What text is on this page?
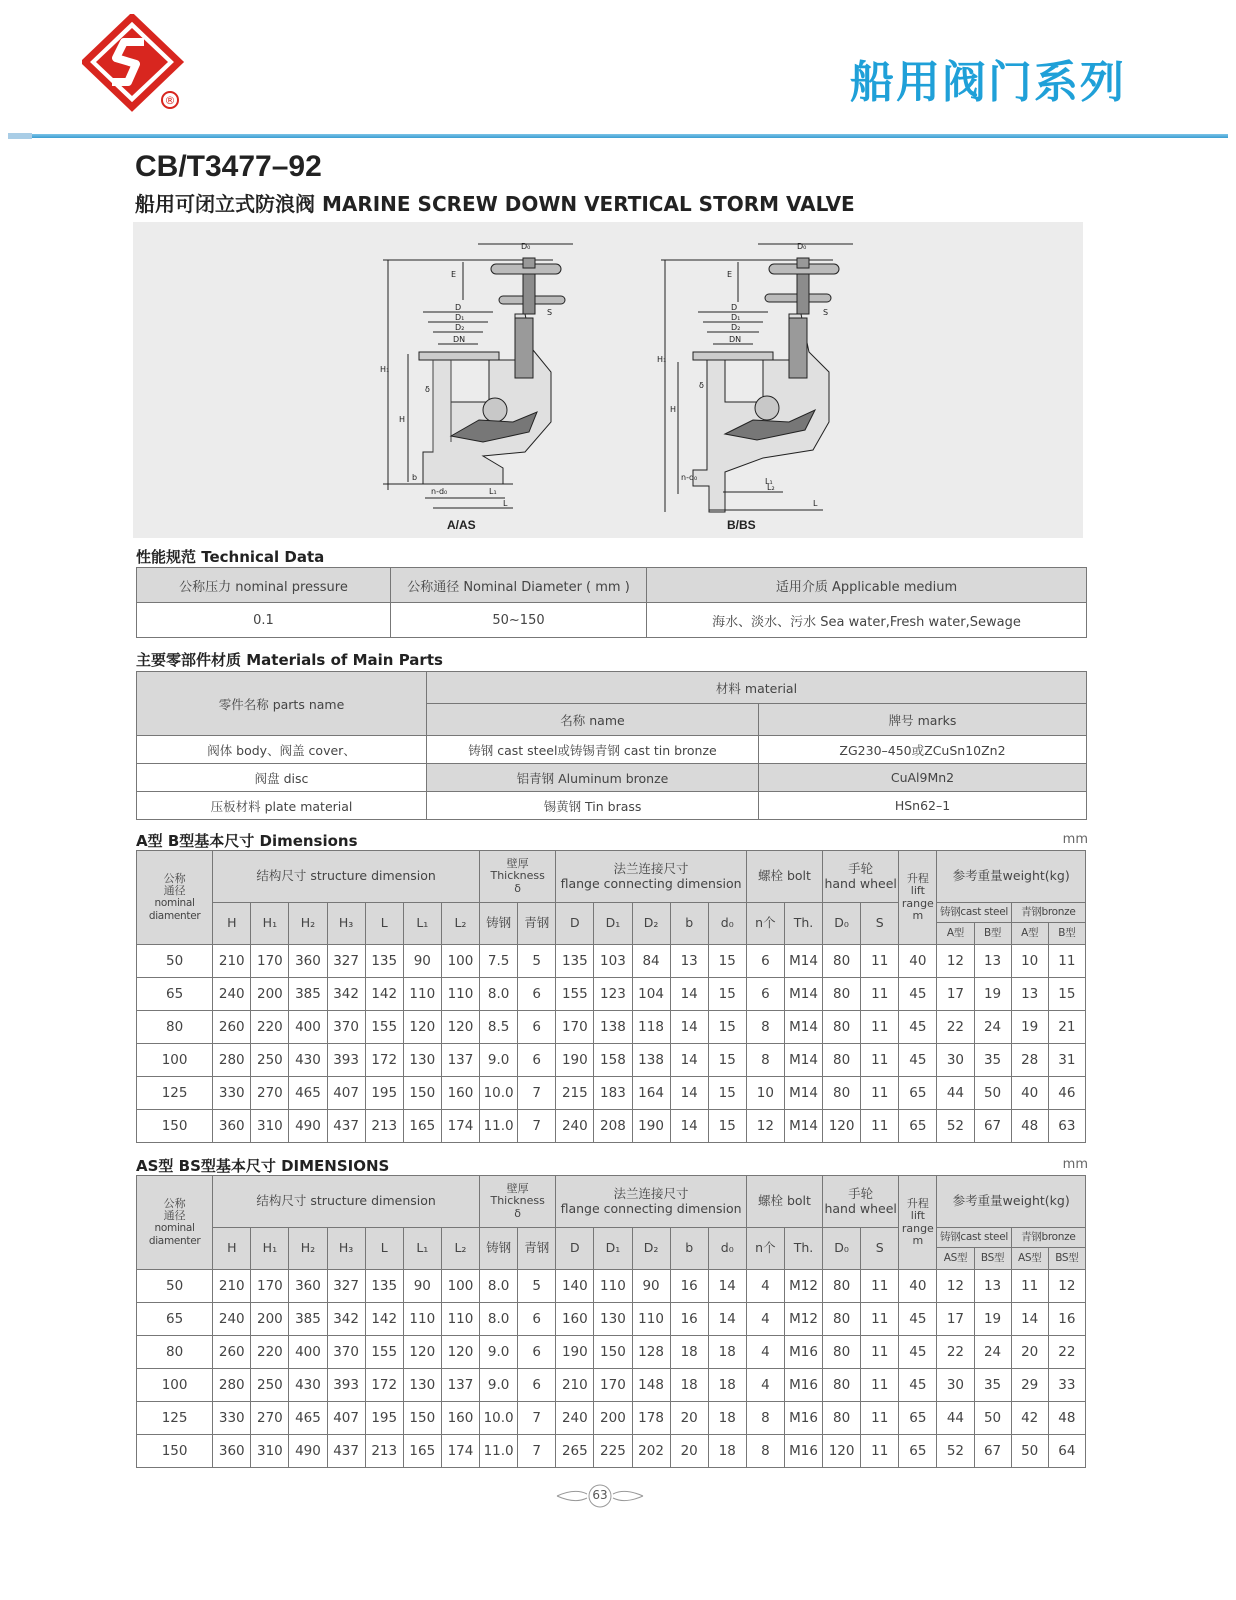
®	船用阀门系列
CB/T3477–92
船用可闭立式防浪阀 MARINE SCREW DOWN VERTICAL STORM VALVE
D₀
E
S
D
D₁
D₂
DN
H₁
H
δ
b
n-d₀	L₁
L
D₀
E
S
D
D₁
D₂
DN
H₁
H
δ
n-d₀	L₁
L₂
L
A/AS	B/BS
性能规范 Technical Data
公称压力 nominal pressure	公称通径 Nominal Diameter ( mm )	适用介质 Applicable medium
0.1	50~150	海水、淡水、污水 Sea water,Fresh water,Sewage
主要零部件材质 Materials of Main Parts
零件名称 parts name	材料 material	
	名称 name	牌号 marks
阀体 body、阀盖 cover、	铸钢 cast steel或铸锡青钢 cast tin bronze	ZG230–450或ZCuSn10Zn2
阀盘 disc	铝青钢 Aluminum bronze	CuAl9Mn2
压板材料 plate material	锡黄钢 Tin brass	HSn62–1
A型 B型基本尺寸 Dimensions	mm
公称
通径
nominal
diamenter	结构尺寸 structure dimension							壁厚
Thickness
δ		法兰连接尺寸
flange connecting dimension					螺栓 bolt		手轮
hand wheel		升程
lift
range
m	参考重量weight(kg)			
	H	H₁	H₂	H₃	L	L₁	L₂	铸钢	青钢	D	D₁	D₂	b	d₀	n个	Th.	D₀	S		铸钢cast steel		青钢bronze	
																				A型	B型	A型	B型
50	210	170	360	327	135	90	100	7.5	5	135	103	84	13	15	6	M14	80	11	40	12	13	10	11
65	240	200	385	342	142	110	110	8.0	6	155	123	104	14	15	6	M14	80	11	45	17	19	13	15
80	260	220	400	370	155	120	120	8.5	6	170	138	118	14	15	8	M14	80	11	45	22	24	19	21
100	280	250	430	393	172	130	137	9.0	6	190	158	138	14	15	8	M14	80	11	45	30	35	28	31
125	330	270	465	407	195	150	160	10.0	7	215	183	164	14	15	10	M14	80	11	65	44	50	40	46
150	360	310	490	437	213	165	174	11.0	7	240	208	190	14	15	12	M14	120	11	65	52	67	48	63
AS型 BS型基本尺寸 DIMENSIONS	mm
公称
通径
nominal
diamenter	结构尺寸 structure dimension							壁厚
Thickness
δ		法兰连接尺寸
flange connecting dimension					螺栓 bolt		手轮
hand wheel		升程
lift
range
m	参考重量weight(kg)			
	H	H₁	H₂	H₃	L	L₁	L₂	铸钢	青钢	D	D₁	D₂	b	d₀	n个	Th.	D₀	S		铸钢cast steel		青钢bronze	
																				AS型	BS型	AS型	BS型
50	210	170	360	327	135	90	100	8.0	5	140	110	90	16	14	4	M12	80	11	40	12	13	11	12
65	240	200	385	342	142	110	110	8.0	6	160	130	110	16	14	4	M12	80	11	45	17	19	14	16
80	260	220	400	370	155	120	120	9.0	6	190	150	128	18	18	4	M16	80	11	45	22	24	20	22
100	280	250	430	393	172	130	137	9.0	6	210	170	148	18	18	4	M16	80	11	45	30	35	29	33
125	330	270	465	407	195	150	160	10.0	7	240	200	178	20	18	8	M16	80	11	65	44	50	42	48
150	360	310	490	437	213	165	174	11.0	7	265	225	202	20	18	8	M16	120	11	65	52	67	50	64
63
